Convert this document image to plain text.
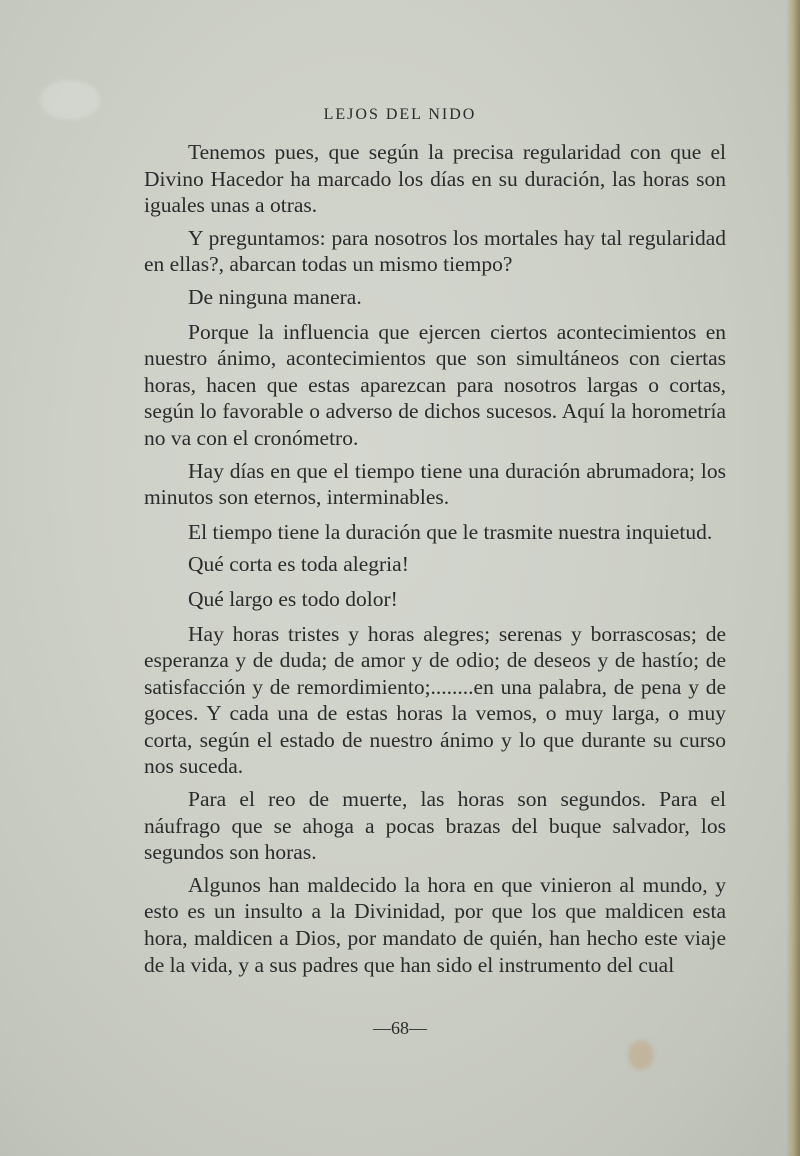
LEJOS DEL NIDO

Tenemos pues, que según la precisa regularidad con que el Divino Hacedor ha marcado los días en su duración, las horas son iguales unas a otras.

Y preguntamos: para nosotros los mortales hay tal regularidad en ellas?, abarcan todas un mismo tiempo?

De ninguna manera.

Porque la influencia que ejercen ciertos acontecimientos en nuestro ánimo, acontecimientos que son simultáneos con ciertas horas, hacen que estas aparezcan para nosotros largas o cortas, según lo favorable o adverso de dichos sucesos. Aquí la horometría no va con el cronómetro.

Hay días en que el tiempo tiene una duración abrumadora; los minutos son eternos, interminables.

El tiempo tiene la duración que le trasmite nuestra inquietud.

Qué corta es toda alegria!

Qué largo es todo dolor!

Hay horas tristes y horas alegres; serenas y borrascosas; de esperanza y de duda; de amor y de odio; de deseos y de hastío; de satisfacción y de remordimiento;........en una palabra, de pena y de goces. Y cada una de estas horas la vemos, o muy larga, o muy corta, según el estado de nuestro ánimo y lo que durante su curso nos suceda.

Para el reo de muerte, las horas son segundos. Para el náufrago que se ahoga a pocas brazas del buque salvador, los segundos son horas.

Algunos han maldecido la hora en que vinieron al mundo, y esto es un insulto a la Divinidad, por que los que maldicen esta hora, maldicen a Dios, por mandato de quién, han hecho este viaje de la vida, y a sus padres que han sido el instrumento del cual

—68—
